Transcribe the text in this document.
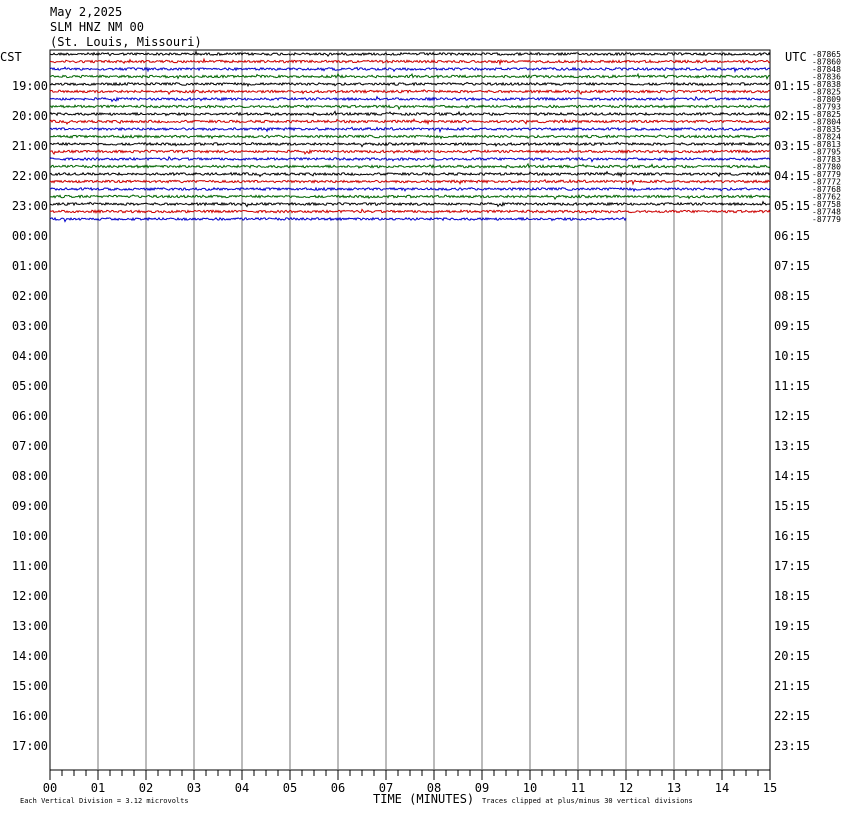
May 2,2025
SLM HNZ NM 00
(St. Louis, Missouri)
CST	UTC
19:00
20:00
21:00
22:00
23:00
00:00
01:00
02:00
03:00
04:00
05:00
06:00
07:00
08:00
09:00
10:00
11:00
12:00
13:00
14:00
15:00
16:00
17:00
01:15
02:15
03:15
04:15
05:15
06:15
07:15
08:15
09:15
10:15
11:15
12:15
13:15
14:15
15:15
16:15
17:15
18:15
19:15
20:15
21:15
22:15
23:15
-87865
-87860
-87848
-87836
-87838
-87825
-87809
-87793
-87825
-87804
-87835
-87824
-87813
-87795
-87783
-87780
-87779
-87772
-87768
-87762
-87758
-87748
-87779
00	01	02	03	04	05	06	07	08	09	10	11	12	13	14	15
TIME (MINUTES)
Each Vertical Division = 3.12 microvolts	Traces clipped at plus/minus 30 vertical divisions
